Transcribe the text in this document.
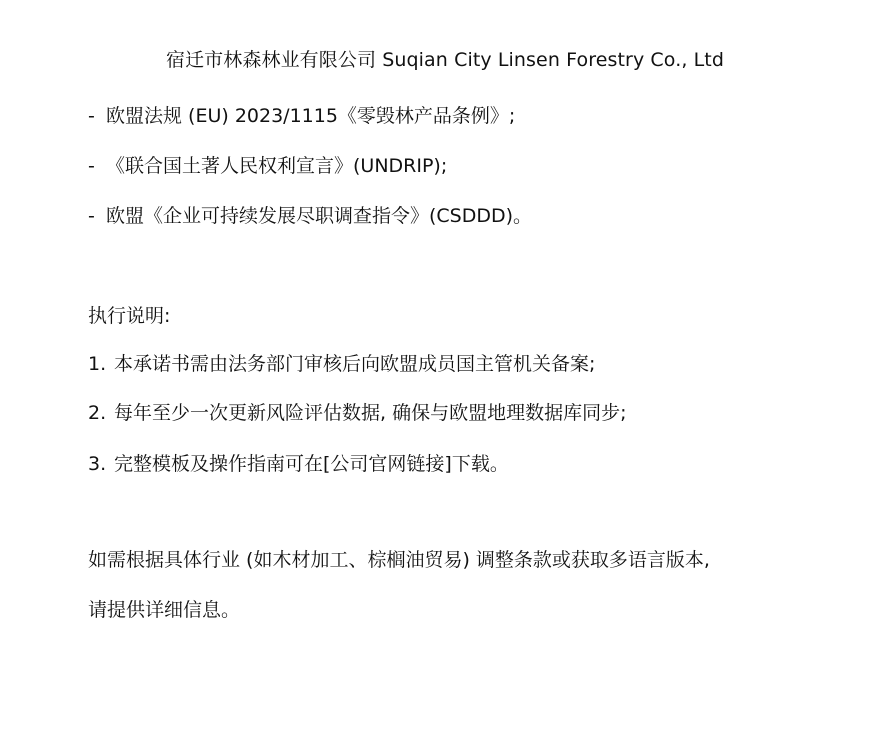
宿迁市林森林业有限公司 Suqian City Linsen Forestry Co., Ltd
- 欧盟法规 (EU) 2023/1115《零毁林产品条例》;
- 《联合国土著人民权利宣言》(UNDRIP);
- 欧盟《企业可持续发展尽职调查指令》(CSDDD)。
执行说明:
1. 本承诺书需由法务部门审核后向欧盟成员国主管机关备案;
2. 每年至少一次更新风险评估数据, 确保与欧盟地理数据库同步;
3. 完整模板及操作指南可在[公司官网链接]下载。
如需根据具体行业 (如木材加工、棕榈油贸易) 调整条款或获取多语言版本,
请提供详细信息。
